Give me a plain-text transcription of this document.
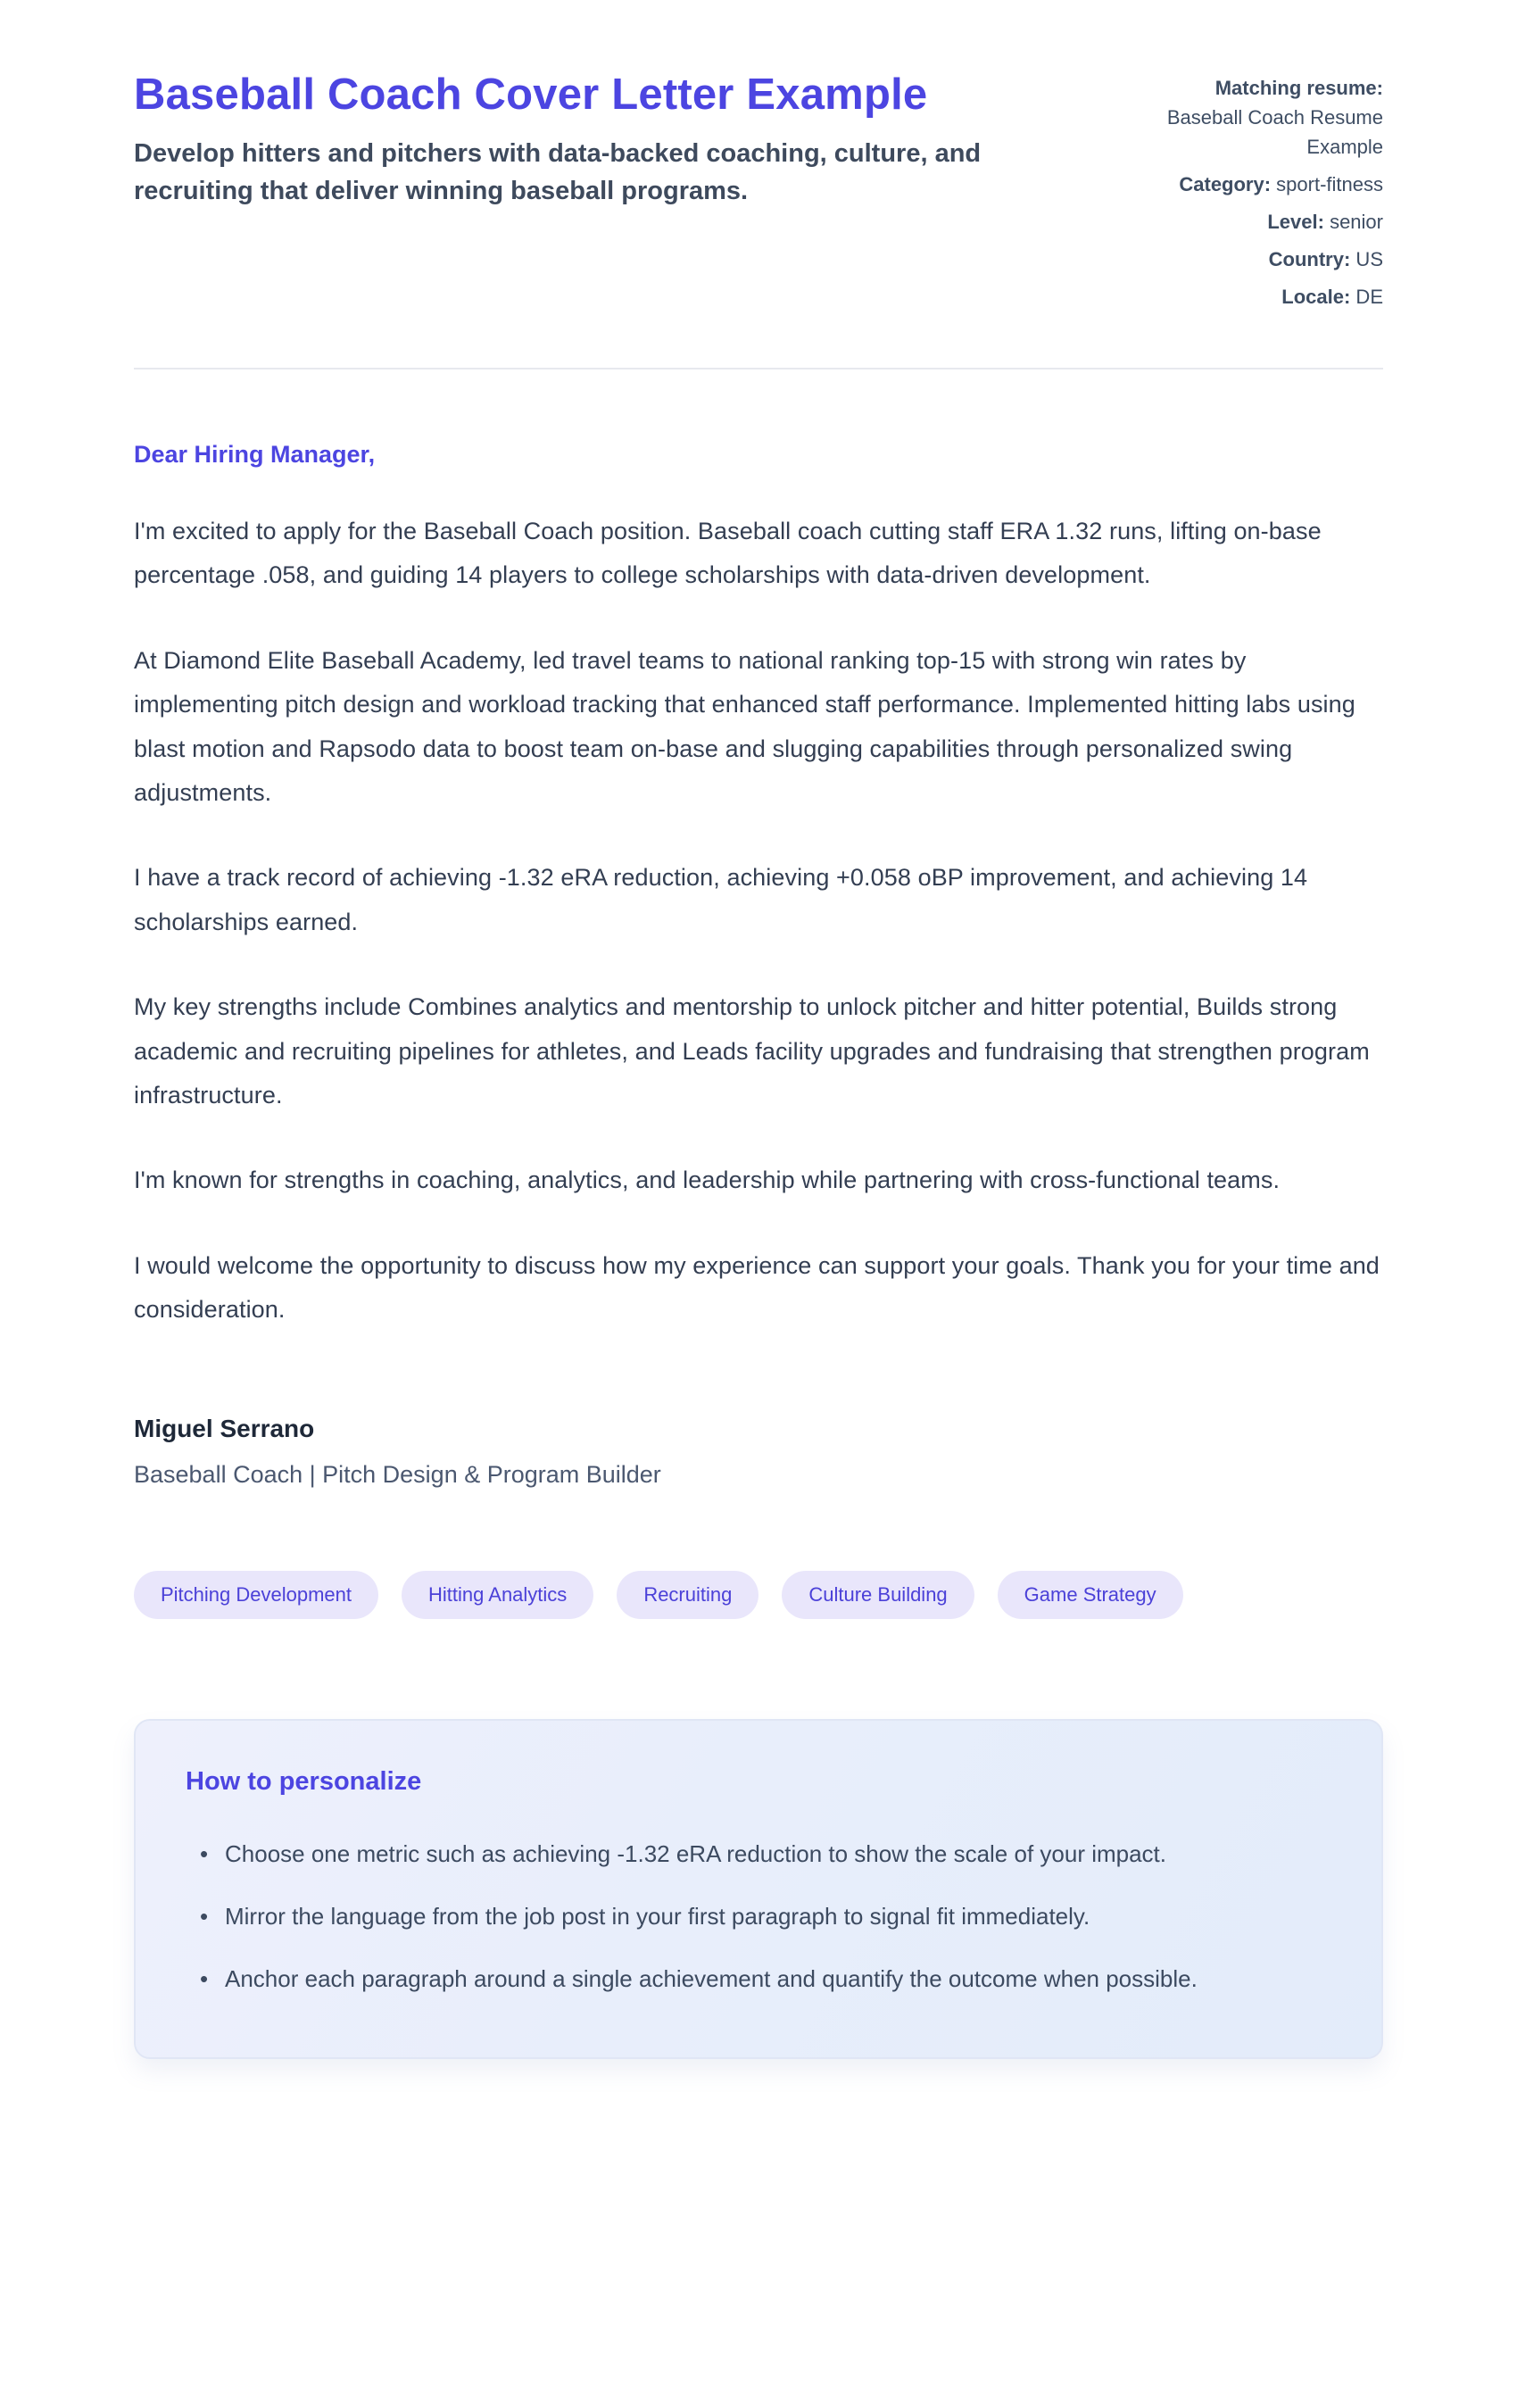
Baseball Coach Cover Letter Example
Develop hitters and pitchers with data-backed coaching, culture, and recruiting that deliver winning baseball programs.
Matching resume:
Baseball Coach Resume Example
Category: sport-fitness
Level: senior
Country: US
Locale: DE
Dear Hiring Manager,

I'm excited to apply for the Baseball Coach position. Baseball coach cutting staff ERA 1.32 runs, lifting on-base percentage .058, and guiding 14 players to college scholarships with data-driven development.

At Diamond Elite Baseball Academy, led travel teams to national ranking top-15 with strong win rates by implementing pitch design and workload tracking that enhanced staff performance. Implemented hitting labs using blast motion and Rapsodo data to boost team on-base and slugging capabilities through personalized swing adjustments.

I have a track record of achieving -1.32 eRA reduction, achieving +0.058 oBP improvement, and achieving 14 scholarships earned.

My key strengths include Combines analytics and mentorship to unlock pitcher and hitter potential, Builds strong academic and recruiting pipelines for athletes, and Leads facility upgrades and fundraising that strengthen program infrastructure.

I'm known for strengths in coaching, analytics, and leadership while partnering with cross-functional teams.

I would welcome the opportunity to discuss how my experience can support your goals. Thank you for your time and consideration.

Miguel Serrano
Baseball Coach | Pitch Design & Program Builder
Pitching Development	Hitting Analytics	Recruiting	Culture Building	Game Strategy
How to personalize
• Choose one metric such as achieving -1.32 eRA reduction to show the scale of your impact.
• Mirror the language from the job post in your first paragraph to signal fit immediately.
• Anchor each paragraph around a single achievement and quantify the outcome when possible.
